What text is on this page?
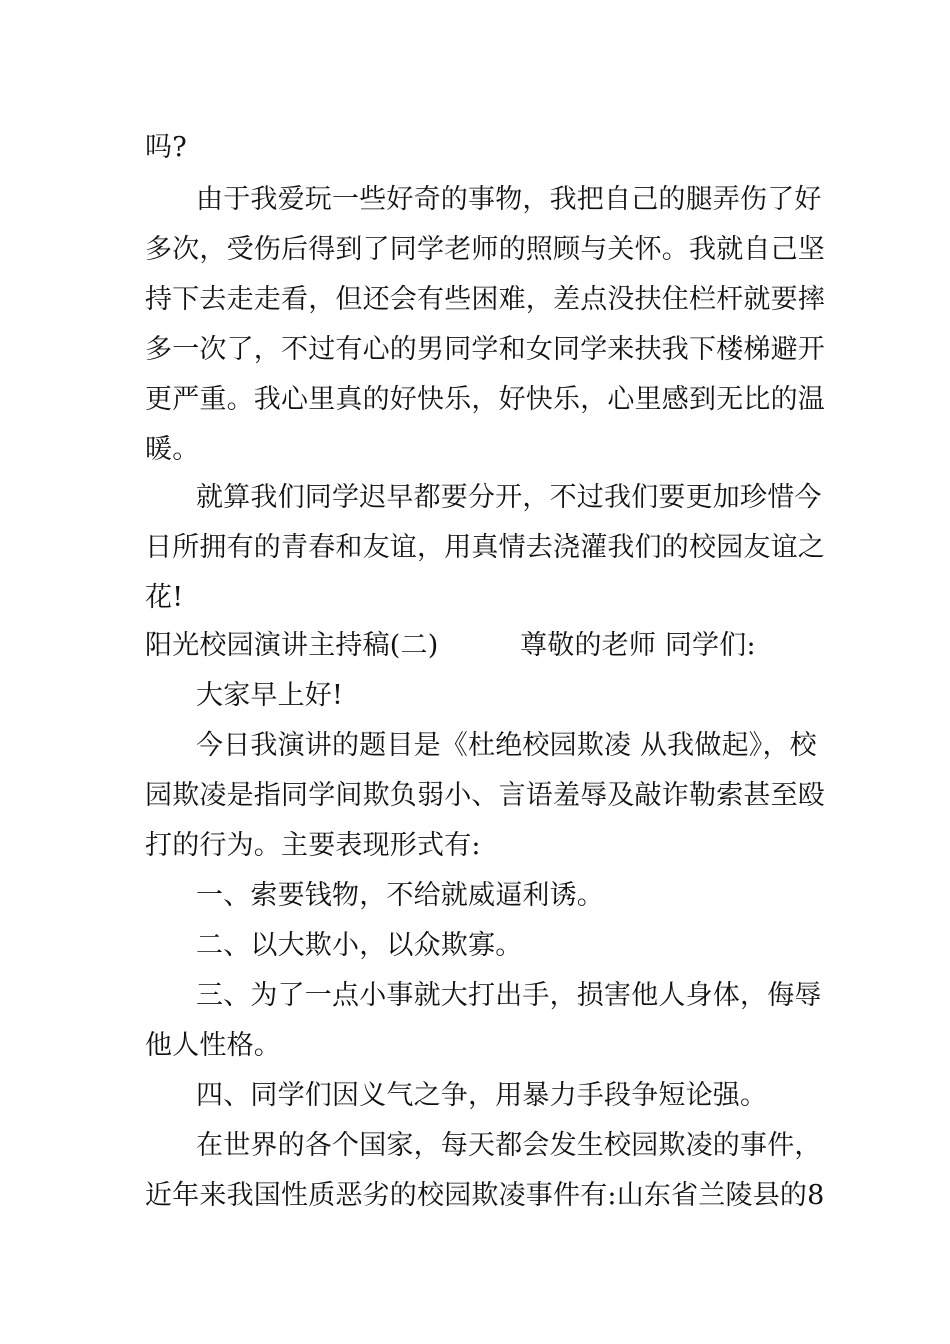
吗?
由于我爱玩一些好奇的事物，我把自己的腿弄伤了好
多次，受伤后得到了同学老师的照顾与关怀。我就自己坚
持下去走走看，但还会有些困难，差点没扶住栏杆就要摔
多一次了，不过有心的男同学和女同学来扶我下楼梯避开
更严重。我心里真的好快乐，好快乐，心里感到无比的温
暖。
就算我们同学迟早都要分开，不过我们要更加珍惜今
日所拥有的青春和友谊，用真情去浇灌我们的校园友谊之
花!
阳光校园演讲主持稿(二)　　　尊敬的老师 同学们:
大家早上好!
今日我演讲的题目是《杜绝校园欺凌 从我做起》，校
园欺凌是指同学间欺负弱小、言语羞辱及敲诈勒索甚至殴
打的行为。主要表现形式有:
一、索要钱物，不给就威逼利诱。
二、以大欺小，以众欺寡。
三、为了一点小事就大打出手，损害他人身体，侮辱
他人性格。
四、同学们因义气之争，用暴力手段争短论强。
在世界的各个国家，每天都会发生校园欺凌的事件，
近年来我国性质恶劣的校园欺凌事件有:山东省兰陵县的8
